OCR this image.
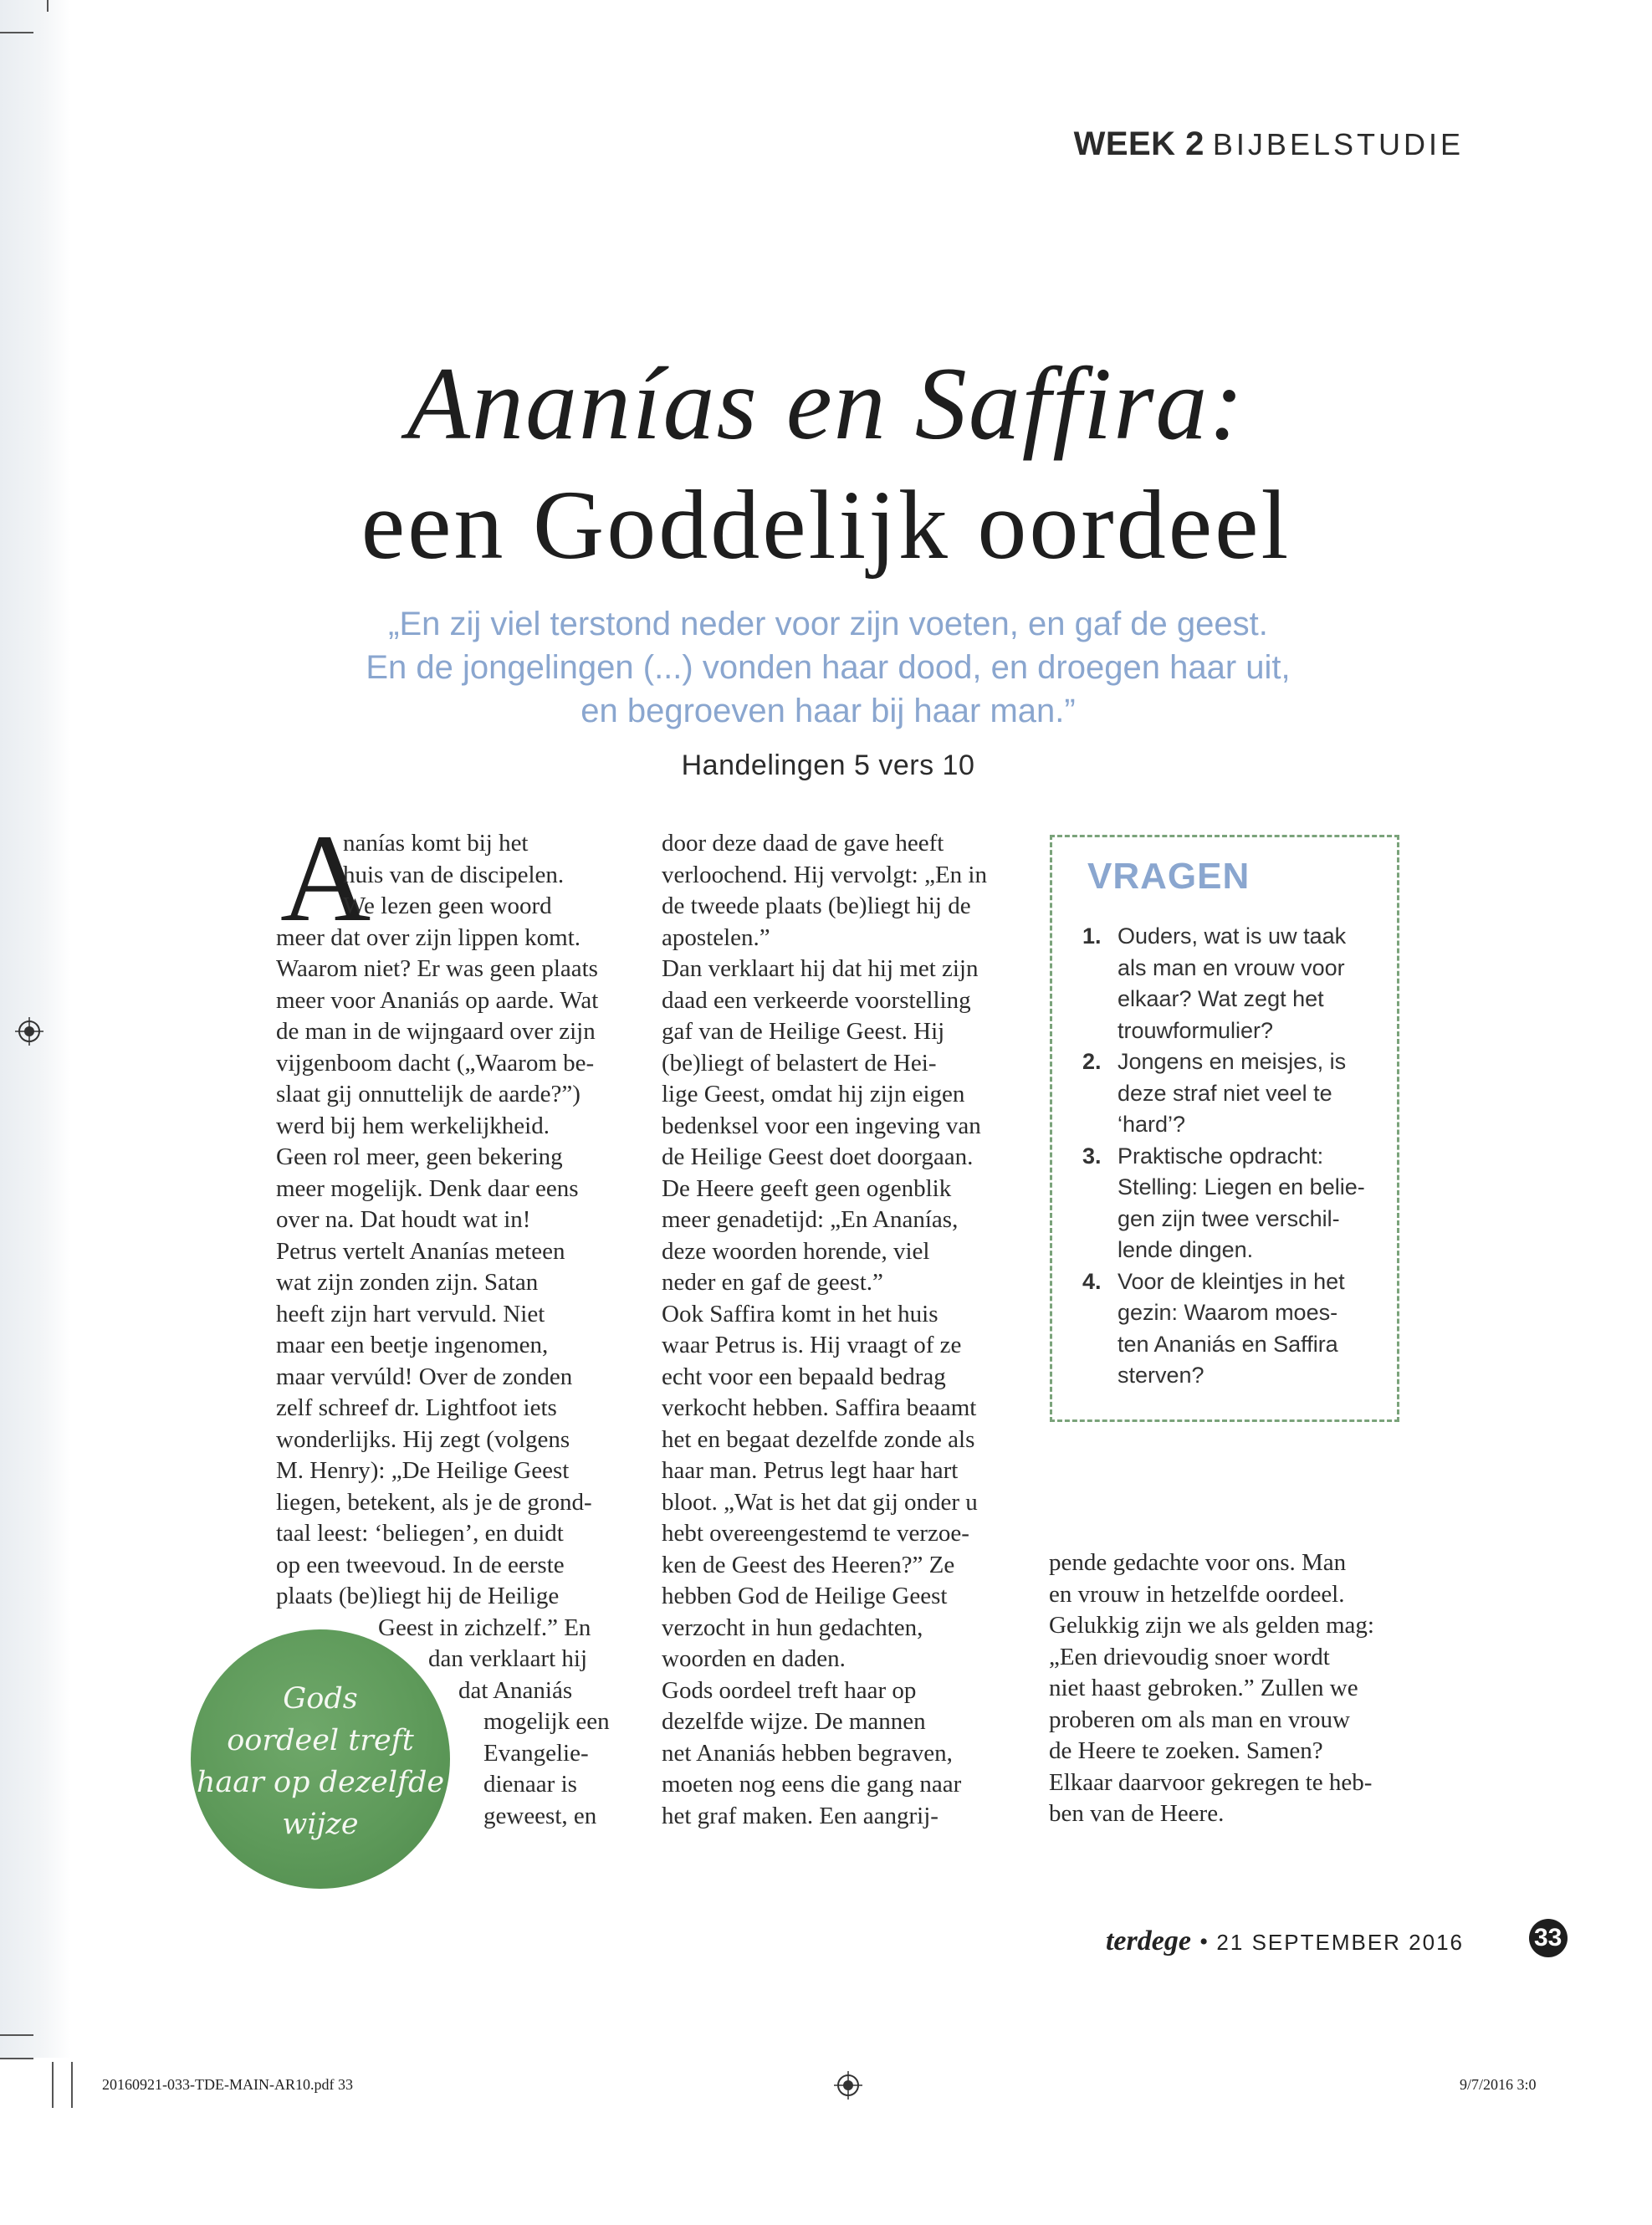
WEEK 2 BIJBELSTUDIE
Ananías en Saffira:
een Goddelijk oordeel
„En zij viel terstond neder voor zijn voeten, en gaf de geest.
En de jongelingen (...) vonden haar dood, en droegen haar uit,
en begroeven haar bij haar man.”
Handelingen 5 vers 10
A
nanías komt bij het
huis van de discipelen.
We lezen geen woord
meer dat over zijn lippen komt.
Waarom niet? Er was geen plaats
meer voor Ananiás op aarde. Wat
de man in de wijngaard over zijn
vijgenboom dacht („Waarom be-
slaat gij onnuttelijk de aarde?”)
werd bij hem werkelijkheid.
Geen rol meer, geen bekering
meer mogelijk. Denk daar eens
over na. Dat houdt wat in!
Petrus vertelt Ananías meteen
wat zijn zonden zijn. Satan
heeft zijn hart vervuld. Niet
maar een beetje ingenomen,
maar vervúld! Over de zonden
zelf schreef dr. Lightfoot iets
wonderlijks. Hij zegt (volgens
M. Henry): „De Heilige Geest
liegen, betekent, als je de grond-
taal leest: ‘beliegen’, en duidt
op een tweevoud. In de eerste
plaats (be)liegt hij de Heilige
Geest in zichzelf.” En
dan verklaart hij
dat Ananiás
mogelijk een
Evangelie-
dienaar is
geweest, en
door deze daad de gave heeft
verloochend. Hij vervolgt: „En in
de tweede plaats (be)liegt hij de
apostelen.”
Dan verklaart hij dat hij met zijn
daad een verkeerde voorstelling
gaf van de Heilige Geest. Hij
(be)liegt of belastert de Hei-
lige Geest, omdat hij zijn eigen
bedenksel voor een ingeving van
de Heilige Geest doet doorgaan.
De Heere geeft geen ogenblik
meer genadetijd: „En Ananías,
deze woorden horende, viel
neder en gaf de geest.”
Ook Saffira komt in het huis
waar Petrus is. Hij vraagt of ze
echt voor een bepaald bedrag
verkocht hebben. Saffira beaamt
het en begaat dezelfde zonde als
haar man. Petrus legt haar hart
bloot. „Wat is het dat gij onder u
hebt overeengestemd te verzoe-
ken de Geest des Heeren?” Ze
hebben God de Heilige Geest
verzocht in hun gedachten,
woorden en daden.
Gods oordeel treft haar op
dezelfde wijze. De mannen
net Ananiás hebben begraven,
moeten nog eens die gang naar
het graf maken. Een aangrij-
pende gedachte voor ons. Man
en vrouw in hetzelfde oordeel.
Gelukkig zijn we als gelden mag:
„Een drievoudig snoer wordt
niet haast gebroken.” Zullen we
proberen om als man en vrouw
de Heere te zoeken. Samen?
Elkaar daarvoor gekregen te heb-
ben van de Heere.
VRAGEN
1. Ouders, wat is uw taak
als man en vrouw voor
elkaar? Wat zegt het
trouwformulier?
2. Jongens en meisjes, is
deze straf niet veel te
‘hard’?
3. Praktische opdracht:
Stelling: Liegen en belie-
gen zijn twee verschil-
lende dingen.
4. Voor de kleintjes in het
gezin: Waarom moes-
ten Ananiás en Saffira
sterven?
Gods
oordeel treft
haar op dezelfde
wijze
terdege • 21 SEPTEMBER 2016	33
20160921-033-TDE-MAIN-AR10.pdf 33	9/7/2016 3:0
